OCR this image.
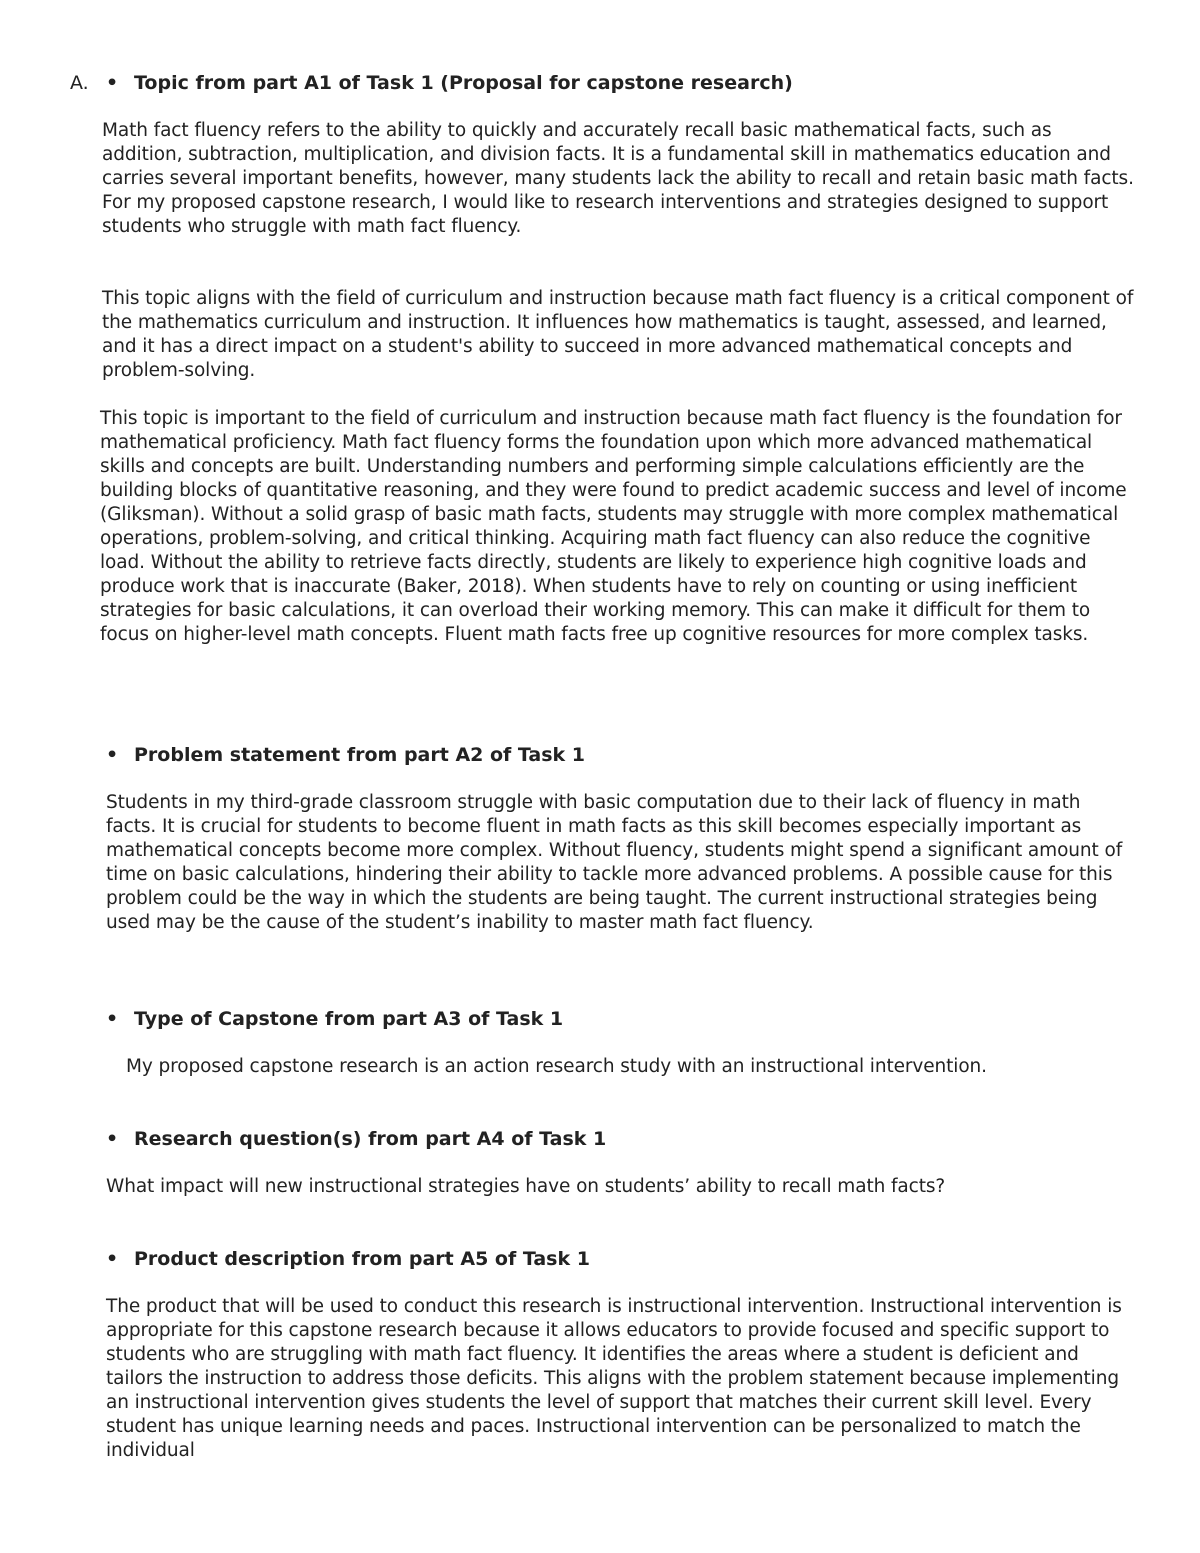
A. • Topic from part A1 of Task 1 (Proposal for capstone research)

Math fact fluency refers to the ability to quickly and accurately recall basic mathematical facts, such as addition, subtraction, multiplication, and division facts. It is a fundamental skill in mathematics education and carries several important benefits, however, many students lack the ability to recall and retain basic math facts. For my proposed capstone research, I would like to research interventions and strategies designed to support students who struggle with math fact fluency.

This topic aligns with the field of curriculum and instruction because math fact fluency is a critical component of the mathematics curriculum and instruction. It influences how mathematics is taught, assessed, and learned, and it has a direct impact on a student's ability to succeed in more advanced mathematical concepts and problem-solving.

This topic is important to the field of curriculum and instruction because math fact fluency is the foundation for mathematical proficiency. Math fact fluency forms the foundation upon which more advanced mathematical skills and concepts are built. Understanding numbers and performing simple calculations efficiently are the building blocks of quantitative reasoning, and they were found to predict academic success and level of income (Gliksman). Without a solid grasp of basic math facts, students may struggle with more complex mathematical operations, problem-solving, and critical thinking. Acquiring math fact fluency can also reduce the cognitive load. Without the ability to retrieve facts directly, students are likely to experience high cognitive loads and produce work that is inaccurate (Baker, 2018). When students have to rely on counting or using inefficient strategies for basic calculations, it can overload their working memory. This can make it difficult for them to focus on higher-level math concepts. Fluent math facts free up cognitive resources for more complex tasks.

• Problem statement from part A2 of Task 1

Students in my third-grade classroom struggle with basic computation due to their lack of fluency in math facts. It is crucial for students to become fluent in math facts as this skill becomes especially important as mathematical concepts become more complex. Without fluency, students might spend a significant amount of time on basic calculations, hindering their ability to tackle more advanced problems. A possible cause for this problem could be the way in which the students are being taught. The current instructional strategies being used may be the cause of the student’s inability to master math fact fluency.

• Type of Capstone from part A3 of Task 1

My proposed capstone research is an action research study with an instructional intervention.

• Research question(s) from part A4 of Task 1

What impact will new instructional strategies have on students’ ability to recall math facts?

• Product description from part A5 of Task 1

The product that will be used to conduct this research is instructional intervention. Instructional intervention is appropriate for this capstone research because it allows educators to provide focused and specific support to students who are struggling with math fact fluency. It identifies the areas where a student is deficient and tailors the instruction to address those deficits. This aligns with the problem statement because implementing an instructional intervention gives students the level of support that matches their current skill level. Every student has unique learning needs and paces. Instructional intervention can be personalized to match the individual
